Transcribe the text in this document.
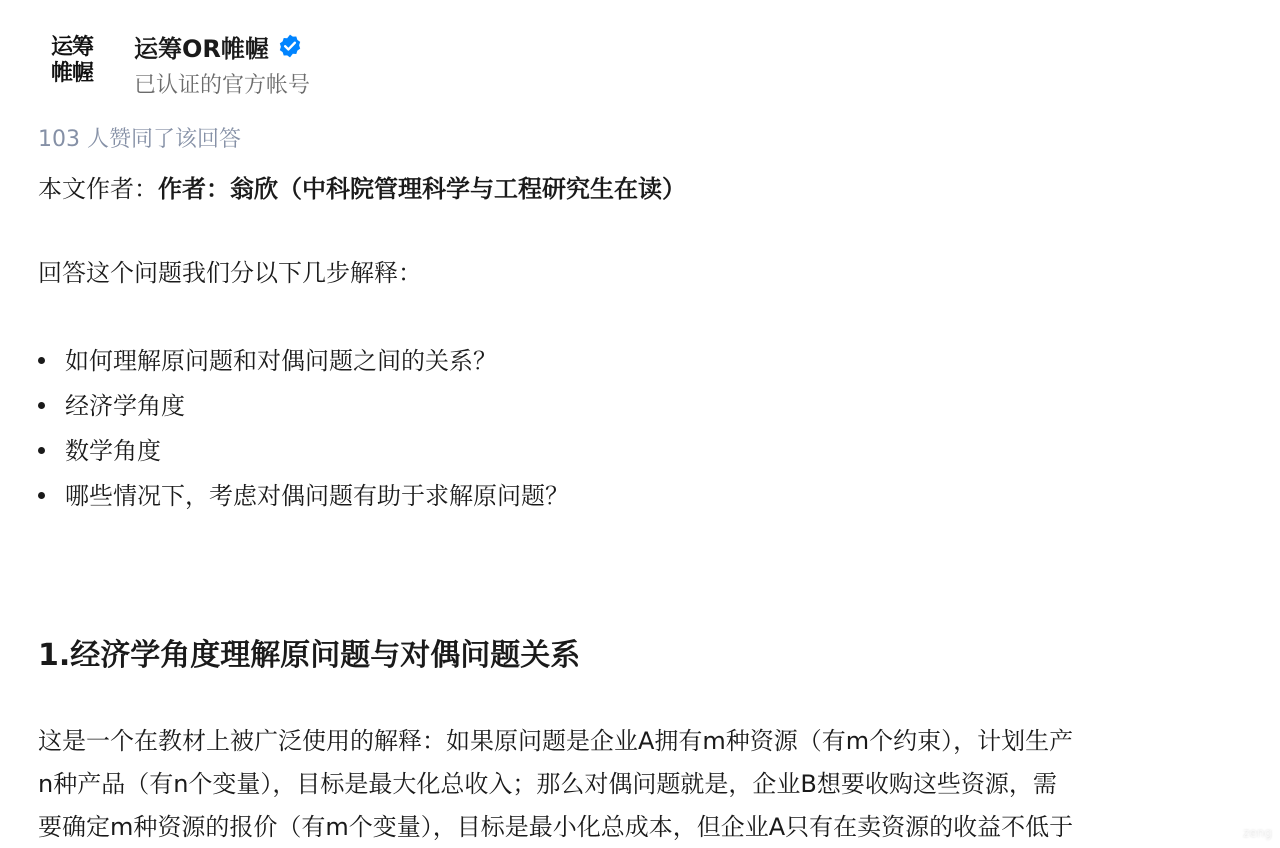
运筹
帷幄
运筹OR帷幄
已认证的官方帐号
103 人赞同了该回答
本文作者：作者：翁欣（中科院管理科学与工程研究生在读）
回答这个问题我们分以下几步解释：
如何理解原问题和对偶问题之间的关系？
经济学角度
数学角度
哪些情况下，考虑对偶问题有助于求解原问题？
1.经济学角度理解原问题与对偶问题关系

这是一个在教材上被广泛使用的解释：如果原问题是企业A拥有m种资源（有m个约束），计划生产

n种产品（有n个变量），目标是最大化总收入；那么对偶问题就是，企业B想要收购这些资源，需

要确定m种资源的报价（有m个变量），目标是最小化总成本，但企业A只有在卖资源的收益不低于	zeng
